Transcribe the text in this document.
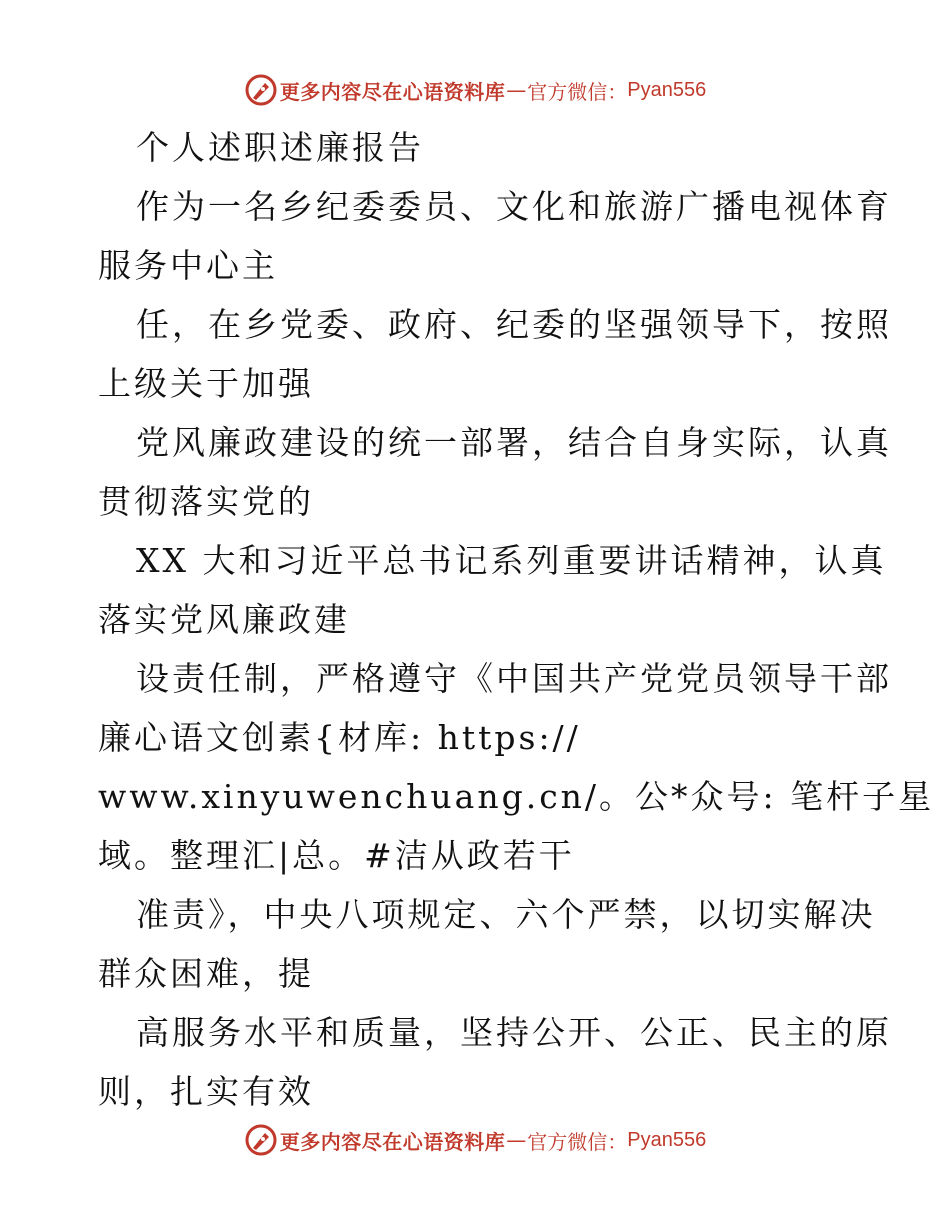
更多内容尽在心语资料库 — 官方微信： Pyan556
个人述职述廉报告
作为一名乡纪委委员、文化和旅游广播电视体育
服务中心主
任，在乡党委、政府、纪委的坚强领导下，按照
上级关于加强
党风廉政建设的统一部署，结合自身实际，认真
贯彻落实党的
XX 大和习近平总书记系列重要讲话精神，认真
落实党风廉政建
设责任制，严格遵守《中国共产党党员领导干部
廉心语文创素{材库: https://
www.xinyuwenchuang.cn/。公*众号: 笔杆子星
域。整理汇|总。#洁从政若干
准责》，中央八项规定、六个严禁，以切实解决
群众困难，提
高服务水平和质量，坚持公开、公正、民主的原
则，扎实有效
更多内容尽在心语资料库 — 官方微信： Pyan556
